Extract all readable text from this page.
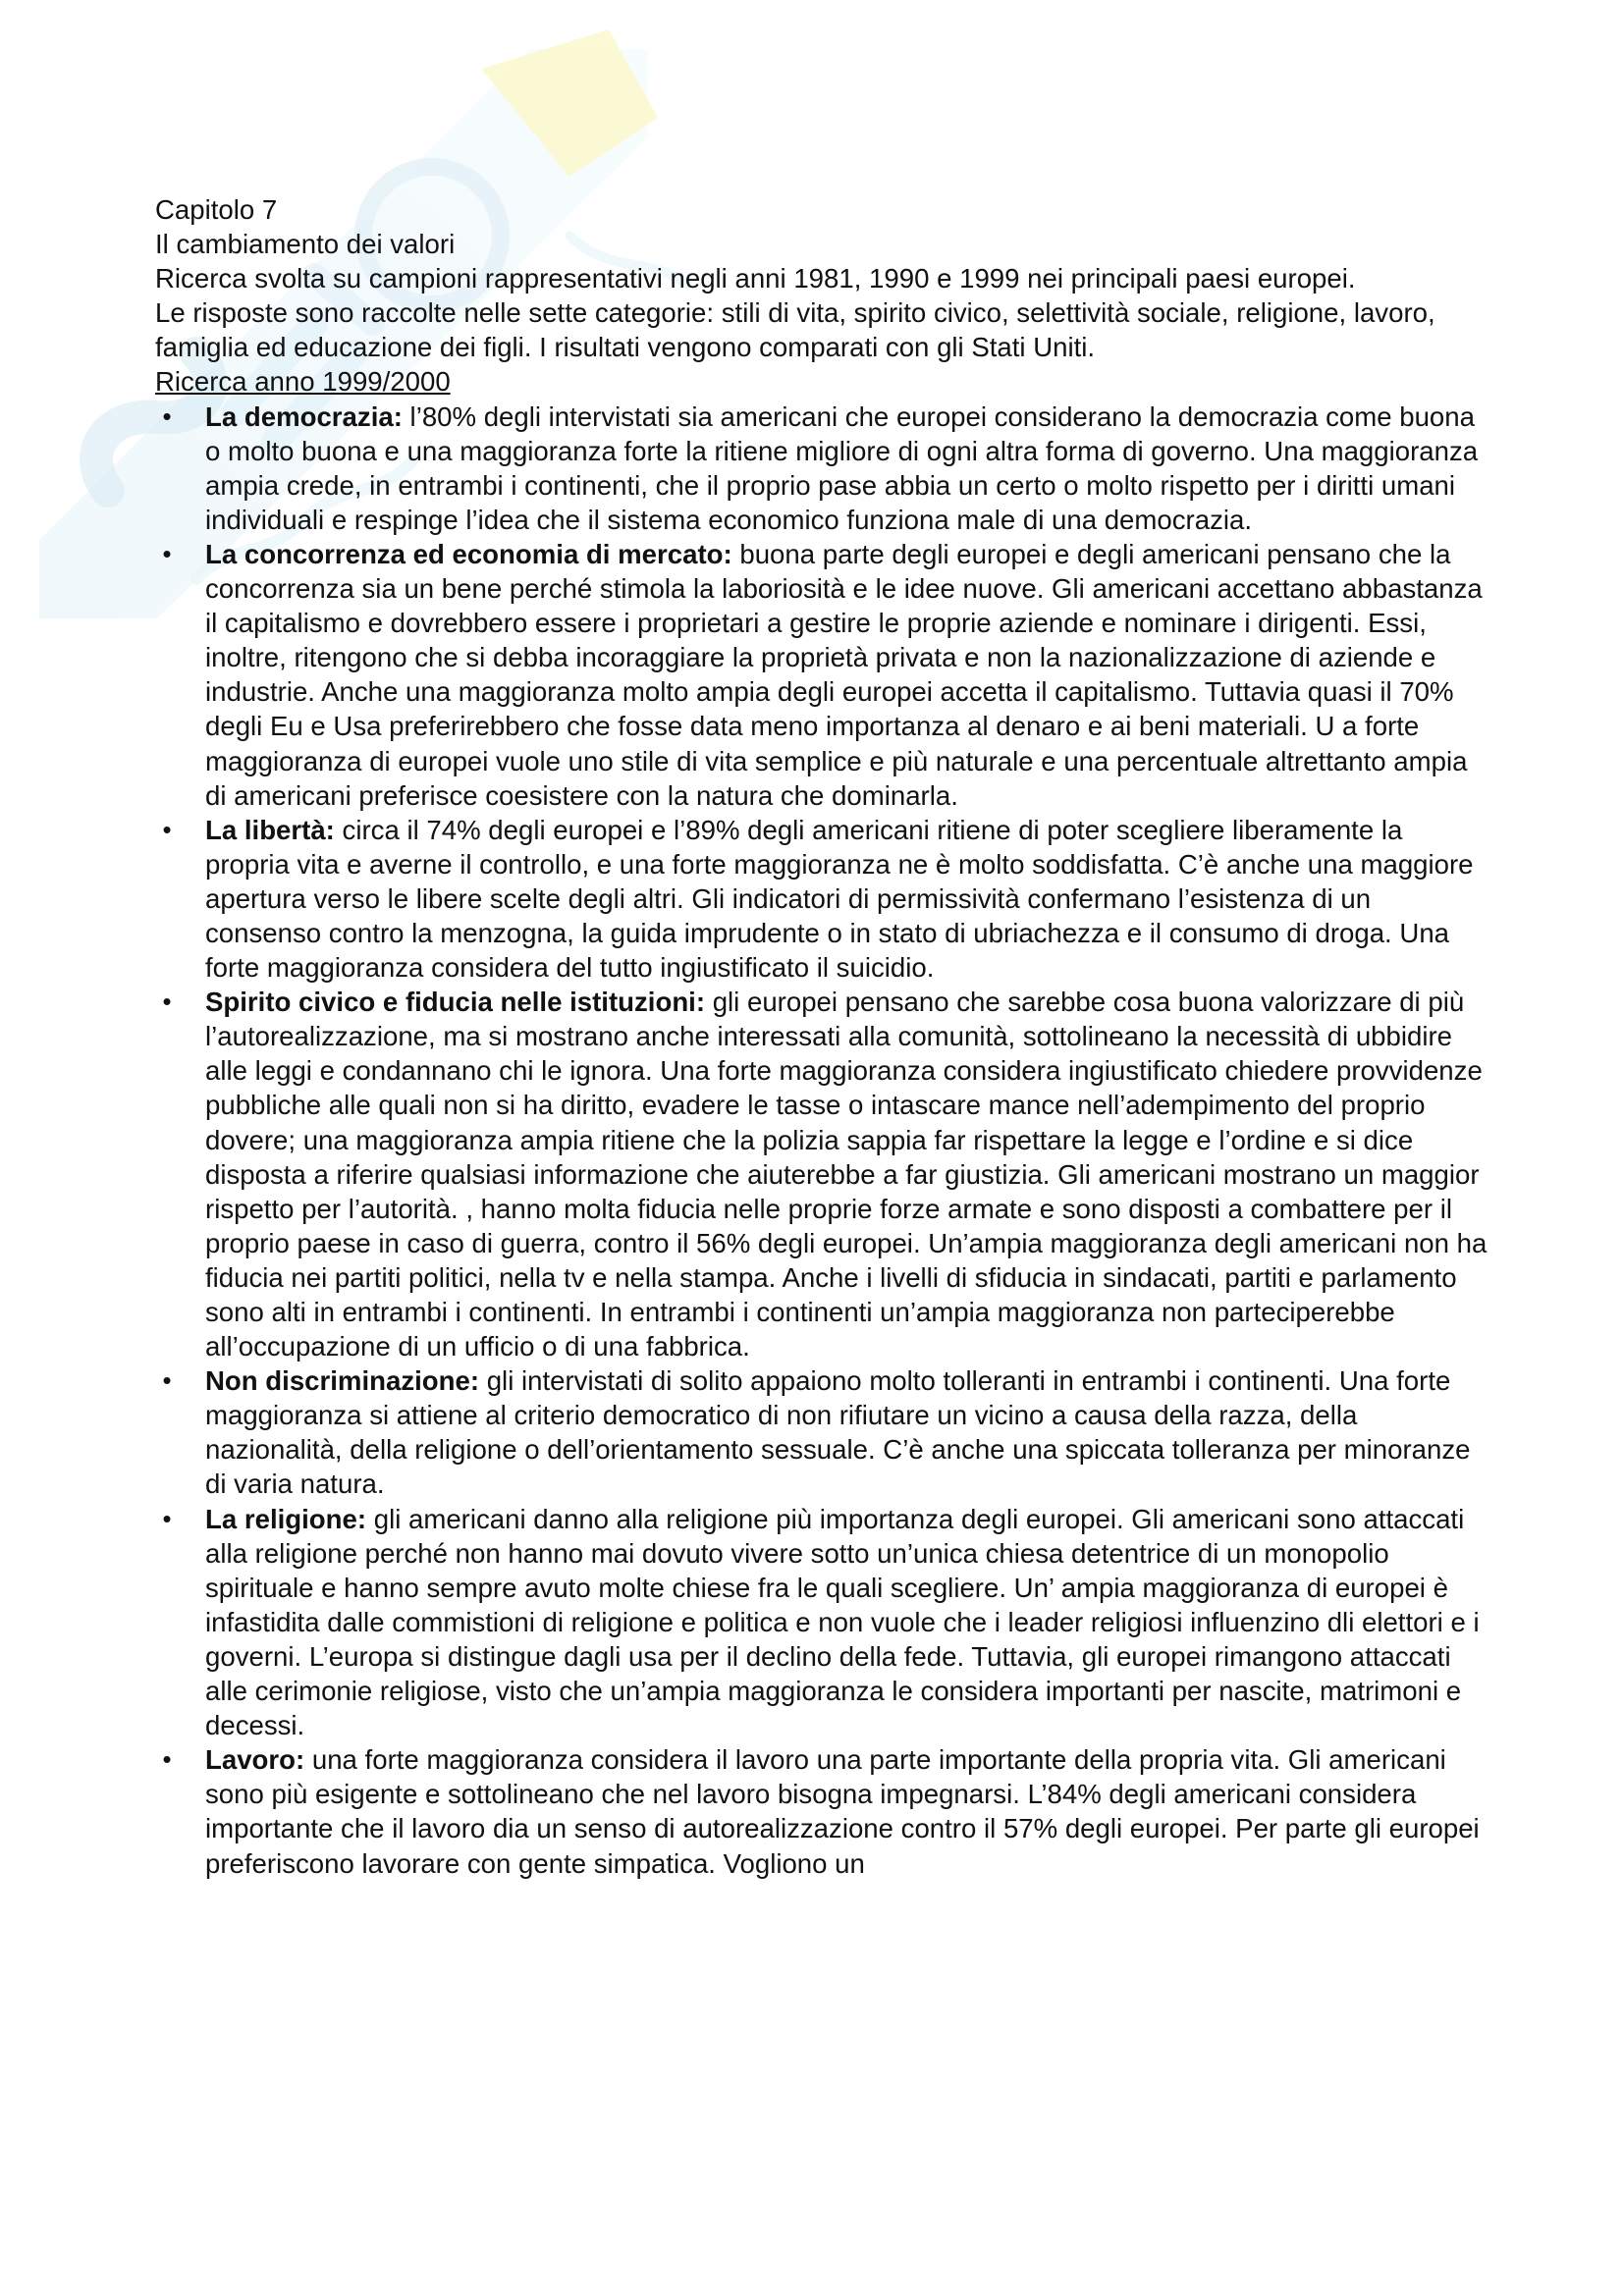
Capitolo 7

Il cambiamento dei valori

Ricerca svolta su campioni rappresentativi negli anni 1981, 1990 e 1999 nei principali paesi europei.

Le risposte sono raccolte nelle sette categorie: stili di vita, spirito civico, selettività sociale, religione, lavoro, famiglia ed educazione dei figli. I risultati vengono comparati con gli Stati Uniti.

Ricerca anno 1999/2000

•	La democrazia: l’80% degli intervistati sia americani che europei considerano la democrazia come buona o molto buona e una maggioranza forte la ritiene migliore di ogni altra forma di governo. Una maggioranza ampia crede, in entrambi i continenti, che il proprio pase abbia un certo o molto rispetto per i diritti umani individuali e respinge l’idea che il sistema economico funziona male di una democrazia.
•	La concorrenza ed economia di mercato: buona parte degli europei e degli americani pensano che la concorrenza sia un bene perché stimola la laboriosità e le idee nuove. Gli americani accettano abbastanza il capitalismo e dovrebbero essere i proprietari a gestire le proprie aziende e nominare i dirigenti. Essi, inoltre, ritengono che si debba incoraggiare la proprietà privata e non la nazionalizzazione di aziende e industrie. Anche una maggioranza molto ampia degli europei accetta il capitalismo. Tuttavia quasi il 70% degli Eu e Usa preferirebbero che fosse data meno importanza al denaro e ai beni materiali. U a forte maggioranza di europei vuole uno stile di vita semplice e più naturale e una percentuale altrettanto ampia di americani preferisce coesistere con la natura che dominarla.
•	La libertà: circa il 74% degli europei e l’89% degli americani ritiene di poter scegliere liberamente la propria vita e averne il controllo, e una forte maggioranza ne è molto soddisfatta. C’è anche una maggiore apertura verso le libere scelte degli altri. Gli indicatori di permissività confermano l’esistenza di un consenso contro la menzogna, la guida imprudente o in stato di ubriachezza e il consumo di droga. Una forte maggioranza considera del tutto ingiustificato il suicidio.
•	Spirito civico e fiducia nelle istituzioni: gli europei pensano che sarebbe cosa buona valorizzare di più l’autorealizzazione, ma si mostrano anche interessati alla comunità, sottolineano la necessità di ubbidire alle leggi e condannano chi le ignora. Una forte maggioranza considera ingiustificato chiedere provvidenze pubbliche alle quali non si ha diritto, evadere le tasse o intascare mance nell’adempimento del proprio dovere; una maggioranza ampia ritiene che la polizia sappia far rispettare la legge e l’ordine e si dice disposta a riferire qualsiasi informazione che aiuterebbe a far giustizia. Gli americani mostrano un maggior rispetto per l’autorità. , hanno molta fiducia nelle proprie forze armate e sono disposti a combattere per il proprio paese in caso di guerra, contro il 56% degli europei. Un’ampia maggioranza degli americani non ha fiducia nei partiti politici, nella tv e nella stampa. Anche i livelli di sfiducia in sindacati, partiti e parlamento sono alti in entrambi i continenti. In entrambi i continenti un’ampia maggioranza non parteciperebbe all’occupazione di un ufficio o di una fabbrica.
•	Non discriminazione: gli intervistati di solito appaiono molto tolleranti in entrambi i continenti. Una forte maggioranza si attiene al criterio democratico di non rifiutare un vicino a causa della razza, della nazionalità, della religione o dell’orientamento sessuale. C’è anche una spiccata tolleranza per minoranze di varia natura.
•	La religione: gli americani danno alla religione più importanza degli europei. Gli americani sono attaccati alla religione perché non hanno mai dovuto vivere sotto un’unica chiesa detentrice di un monopolio spirituale e hanno sempre avuto molte chiese fra le quali scegliere. Un’ ampia maggioranza di europei è infastidita dalle commistioni di religione e politica e non vuole che i leader religiosi influenzino dli elettori e i governi. L’europa si distingue dagli usa per il declino della fede. Tuttavia, gli europei rimangono attaccati alle cerimonie religiose, visto che un’ampia maggioranza le considera importanti per nascite, matrimoni e decessi.
•	Lavoro: una forte maggioranza considera il lavoro una parte importante della propria vita. Gli americani sono più esigente e sottolineano che nel lavoro bisogna impegnarsi. L’84% degli americani considera importante che il lavoro dia un senso di autorealizzazione contro il 57% degli europei. Per parte gli europei preferiscono lavorare con gente simpatica. Vogliono un
